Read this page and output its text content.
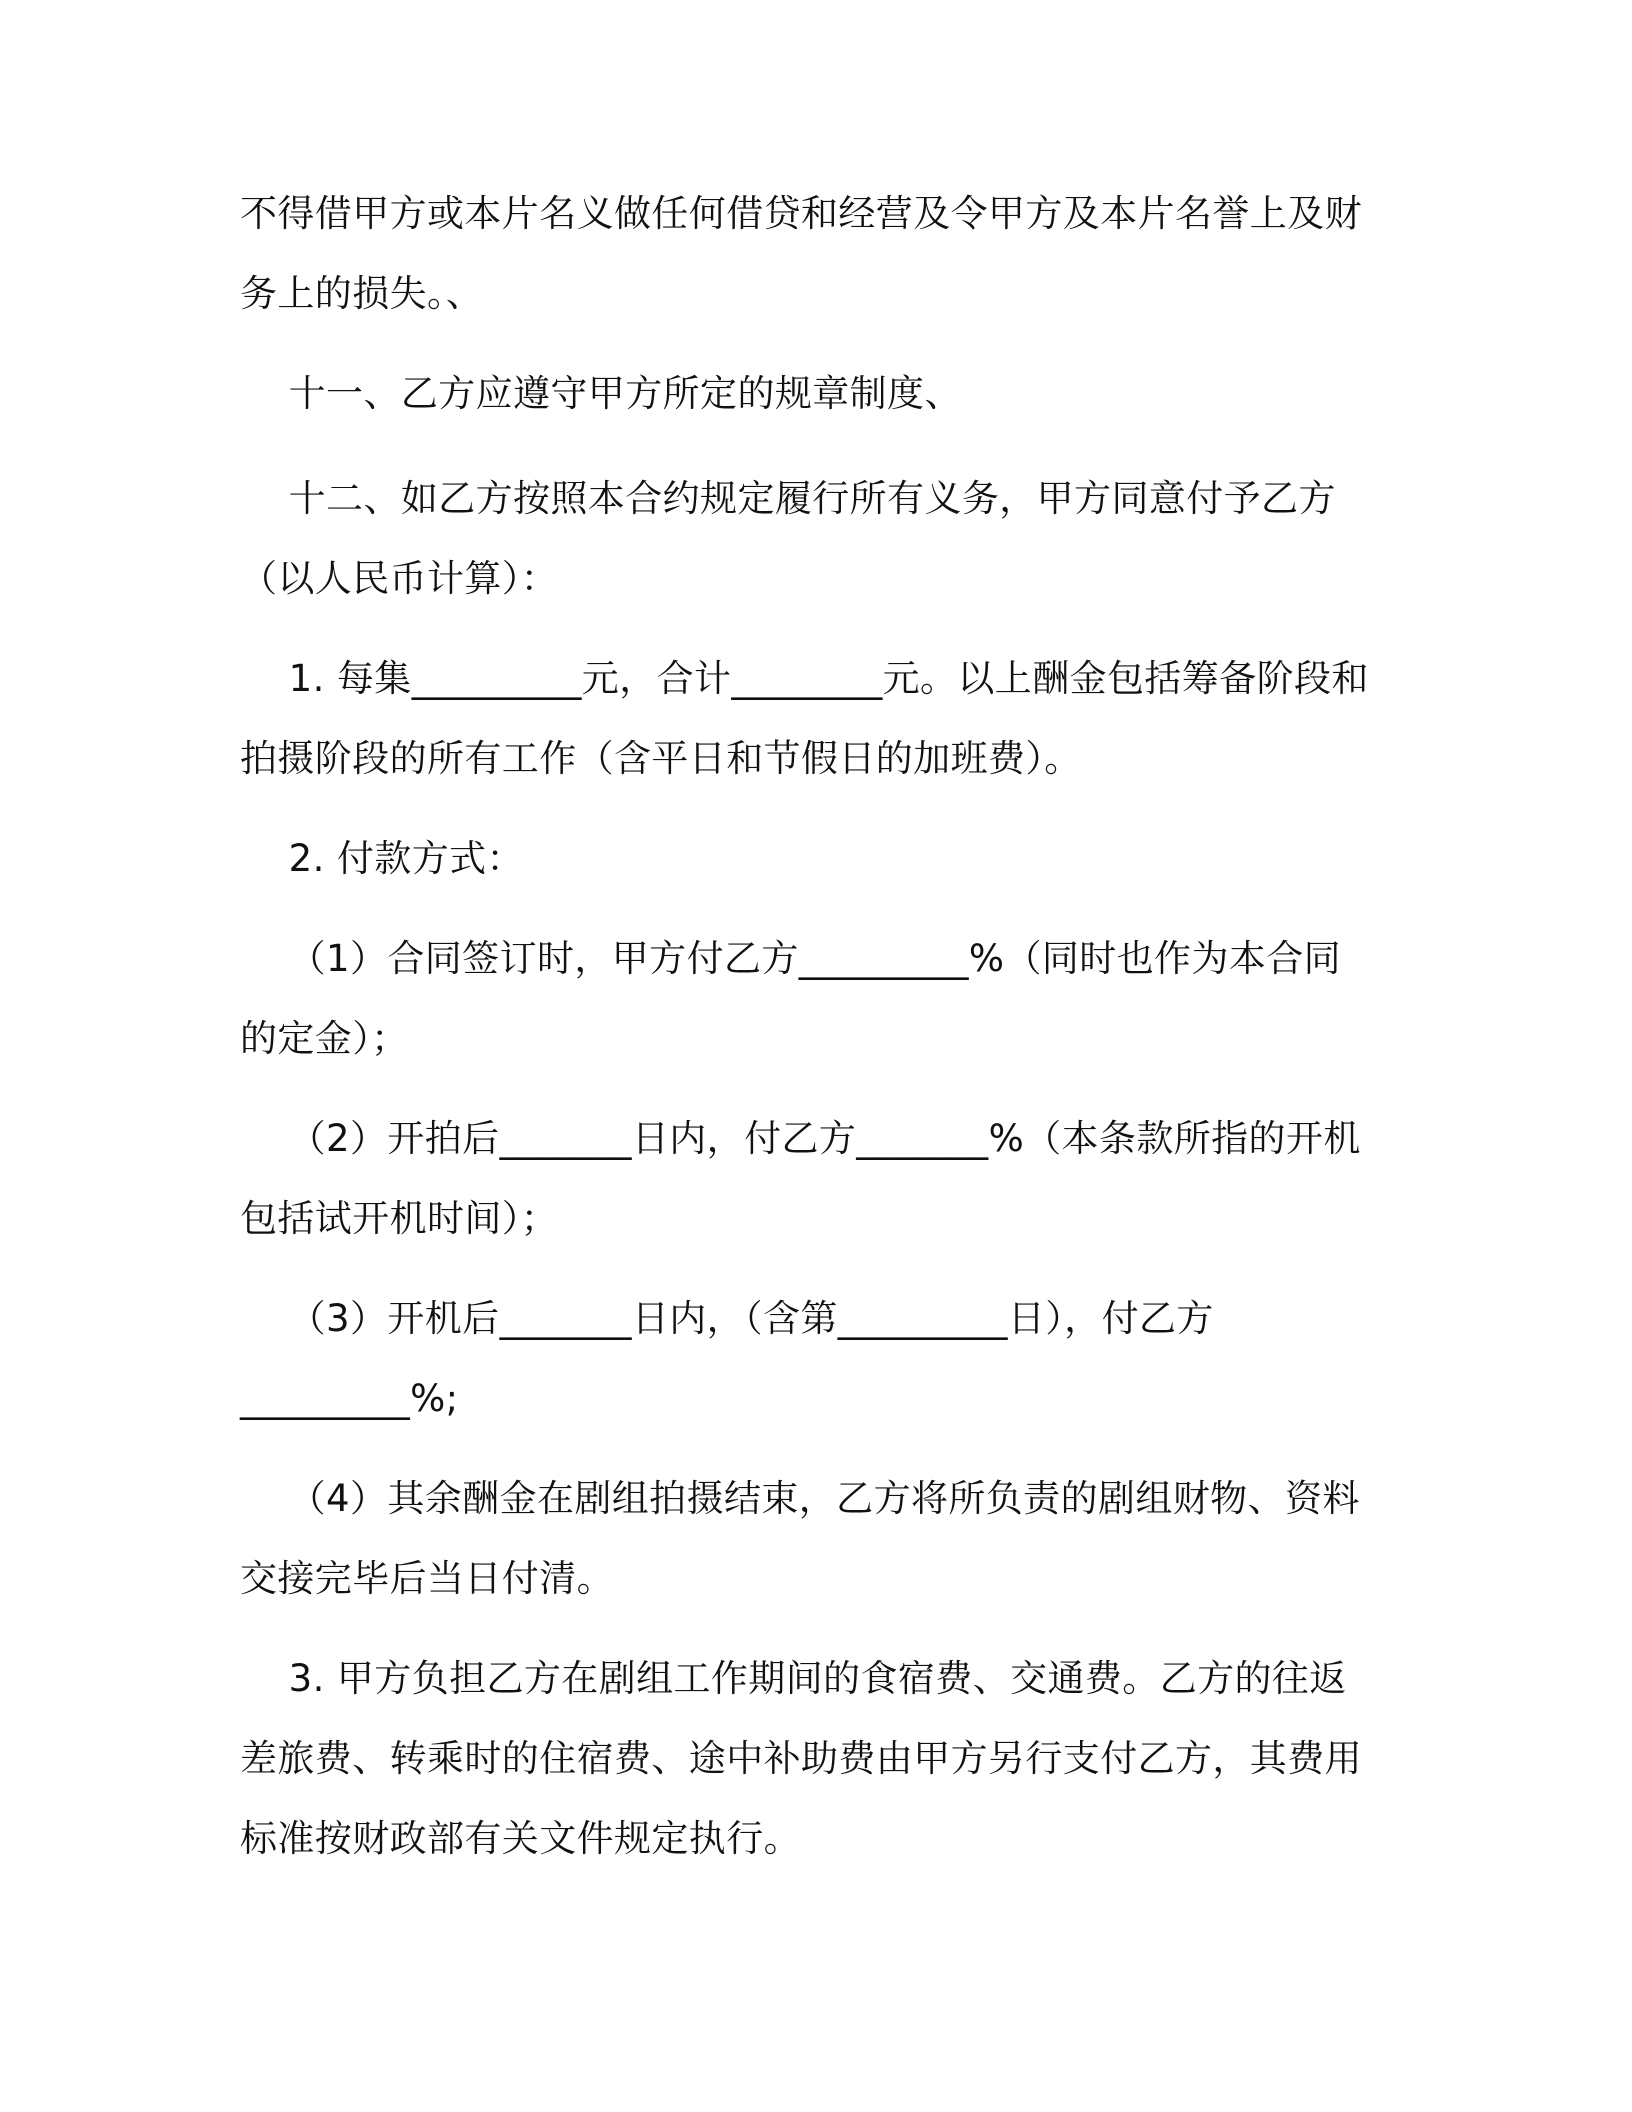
不得借甲方或本片名义做任何借贷和经营及令甲方及本片名誉上及财
务上的损失。、
十一、乙方应遵守甲方所定的规章制度、
十二、如乙方按照本合约规定履行所有义务，甲方同意付予乙方
（以人民币计算）：
1. 每集_________元，合计________元。以上酬金包括筹备阶段和
拍摄阶段的所有工作（含平日和节假日的加班费）。
2. 付款方式：
（1）合同签订时，甲方付乙方_________%（同时也作为本合同
的定金）；
（2）开拍后_______日内，付乙方_______%（本条款所指的开机
包括试开机时间）；
（3）开机后_______日内，（含第_________日），付乙方
_________%;
（4）其余酬金在剧组拍摄结束，乙方将所负责的剧组财物、资料
交接完毕后当日付清。
3. 甲方负担乙方在剧组工作期间的食宿费、交通费。乙方的往返
差旅费、转乘时的住宿费、途中补助费由甲方另行支付乙方，其费用
标准按财政部有关文件规定执行。
